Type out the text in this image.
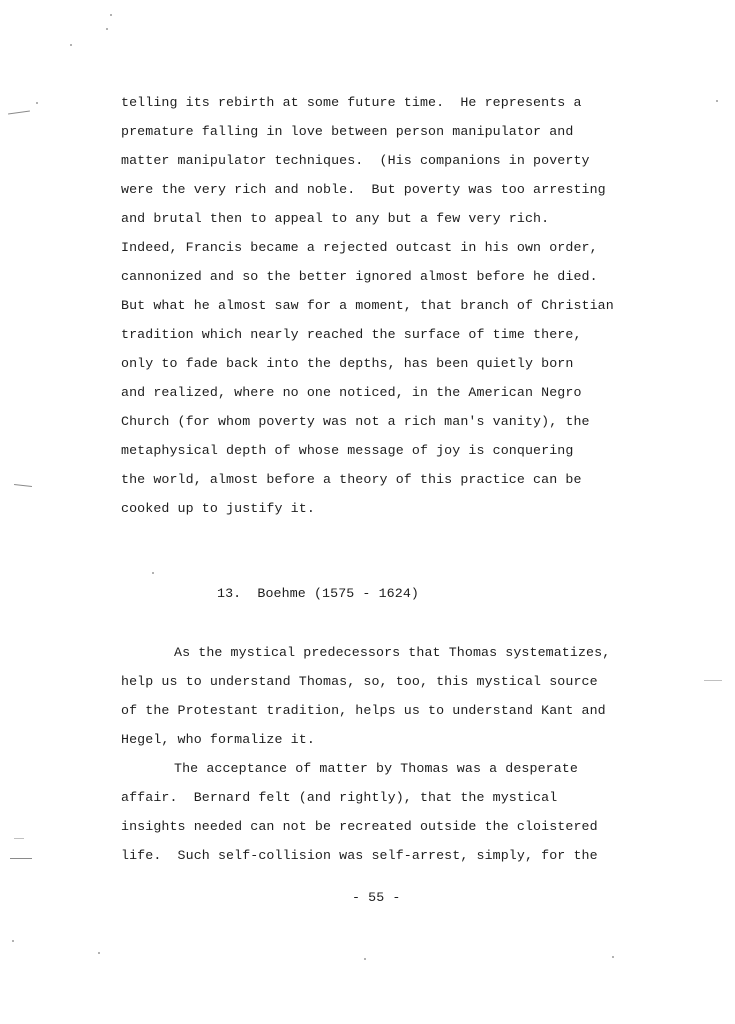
telling its rebirth at some future time.  He represents a
premature falling in love between person manipulator and
matter manipulator techniques.  (His companions in poverty
were the very rich and noble.  But poverty was too arresting
and brutal then to appeal to any but a few very rich.
Indeed, Francis became a rejected outcast in his own order,
cannonized and so the better ignored almost before he died.
But what he almost saw for a moment, that branch of Christian
tradition which nearly reached the surface of time there,
only to fade back into the depths, has been quietly born
and realized, where no one noticed, in the American Negro
Church (for whom poverty was not a rich man's vanity), the
metaphysical depth of whose message of joy is conquering
the world, almost before a theory of this practice can be
cooked up to justify it.
13.  Boehme (1575 - 1624)
As the mystical predecessors that Thomas systematizes,
help us to understand Thomas, so, too, this mystical source
of the Protestant tradition, helps us to understand Kant and
Hegel, who formalize it.
The acceptance of matter by Thomas was a desperate
affair.  Bernard felt (and rightly), that the mystical
insights needed can not be recreated outside the cloistered
life.  Such self-collision was self-arrest, simply, for the
- 55 -
